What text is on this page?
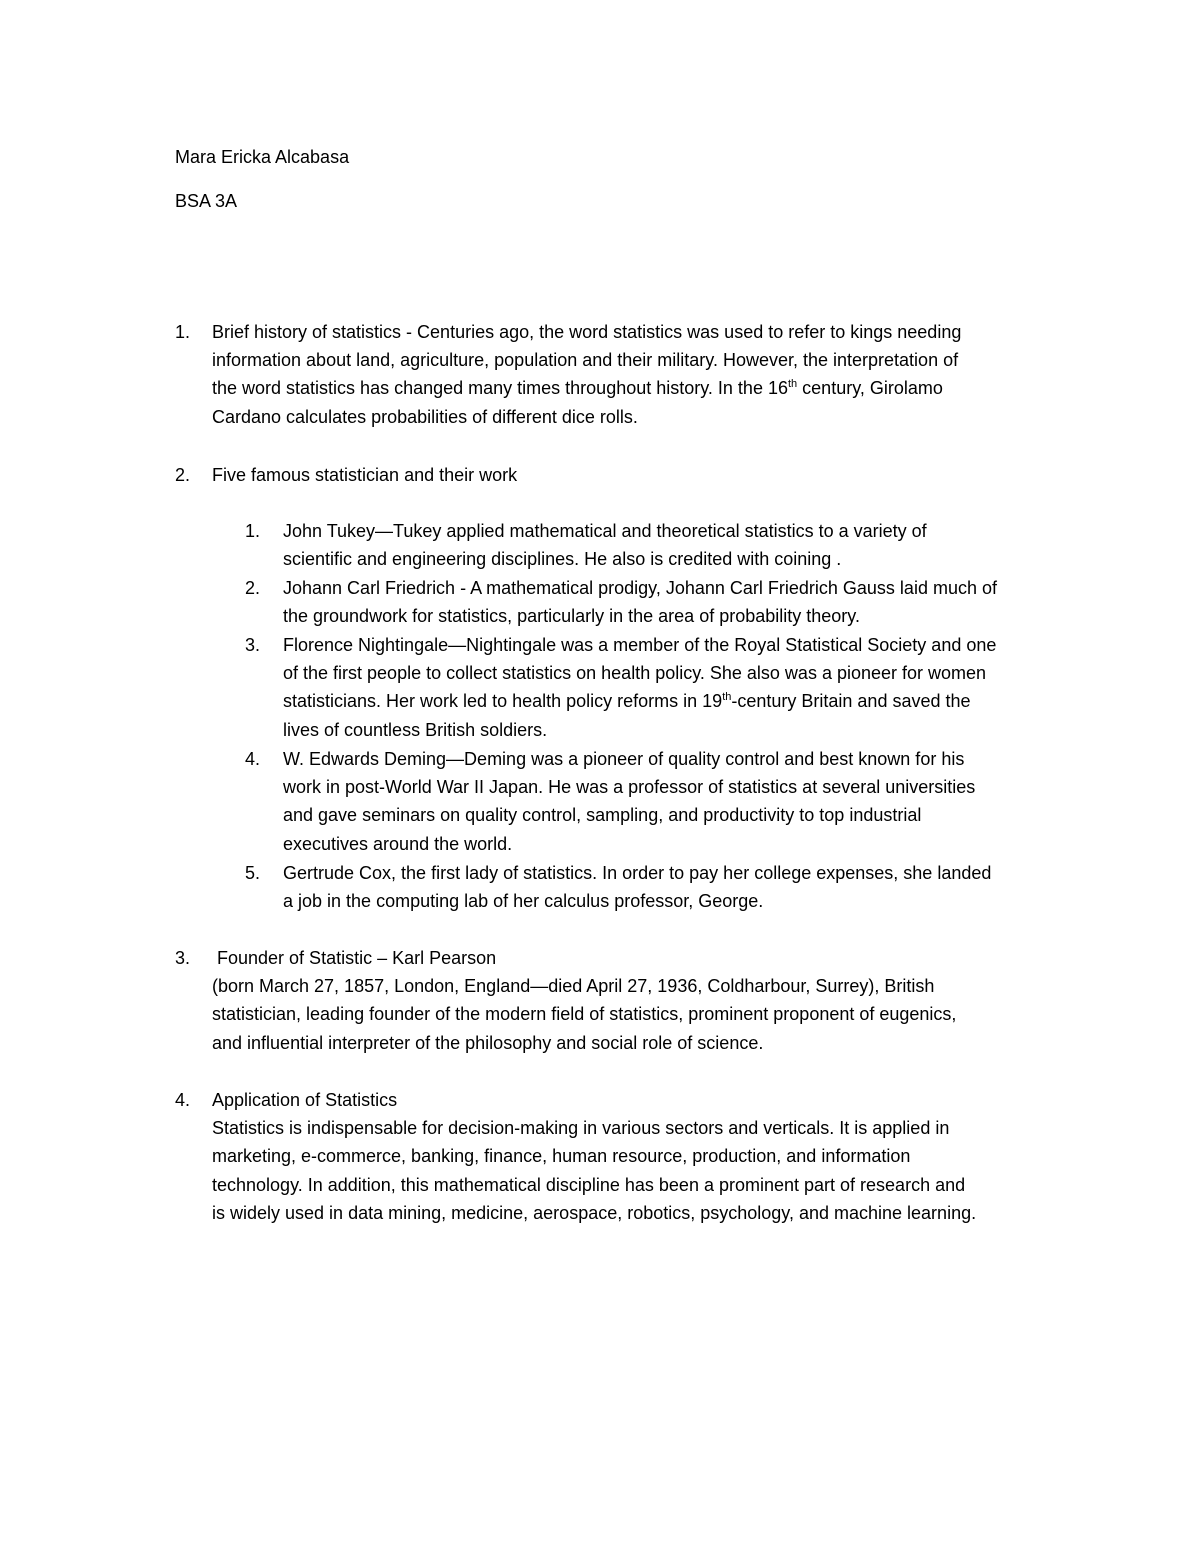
Mara Ericka Alcabasa
BSA 3A
1. Brief history of statistics - Centuries ago, the word statistics was used to refer to kings needing
information about land, agriculture, population and their military. However, the interpretation of
the word statistics has changed many times throughout history. In the 16th century, Girolamo
Cardano calculates probabilities of different dice rolls.
2. Five famous statistician and their work
1. John Tukey—Tukey applied mathematical and theoretical statistics to a variety of
scientific and engineering disciplines. He also is credited with coining .
2. Johann Carl Friedrich - A mathematical prodigy, Johann Carl Friedrich Gauss laid much of
the groundwork for statistics, particularly in the area of probability theory.
3. Florence Nightingale—Nightingale was a member of the Royal Statistical Society and one
of the first people to collect statistics on health policy. She also was a pioneer for women
statisticians. Her work led to health policy reforms in 19th-century Britain and saved the
lives of countless British soldiers.
4. W. Edwards Deming—Deming was a pioneer of quality control and best known for his
work in post-World War II Japan. He was a professor of statistics at several universities
and gave seminars on quality control, sampling, and productivity to top industrial
executives around the world.
5. Gertrude Cox, the first lady of statistics. In order to pay her college expenses, she landed
a job in the computing lab of her calculus professor, George.
3. Founder of Statistic – Karl Pearson
(born March 27, 1857, London, England—died April 27, 1936, Coldharbour, Surrey), British
statistician, leading founder of the modern field of statistics, prominent proponent of eugenics,
and influential interpreter of the philosophy and social role of science.
4. Application of Statistics
Statistics is indispensable for decision-making in various sectors and verticals. It is applied in
marketing, e-commerce, banking, finance, human resource, production, and information
technology. In addition, this mathematical discipline has been a prominent part of research and
is widely used in data mining, medicine, aerospace, robotics, psychology, and machine learning.
